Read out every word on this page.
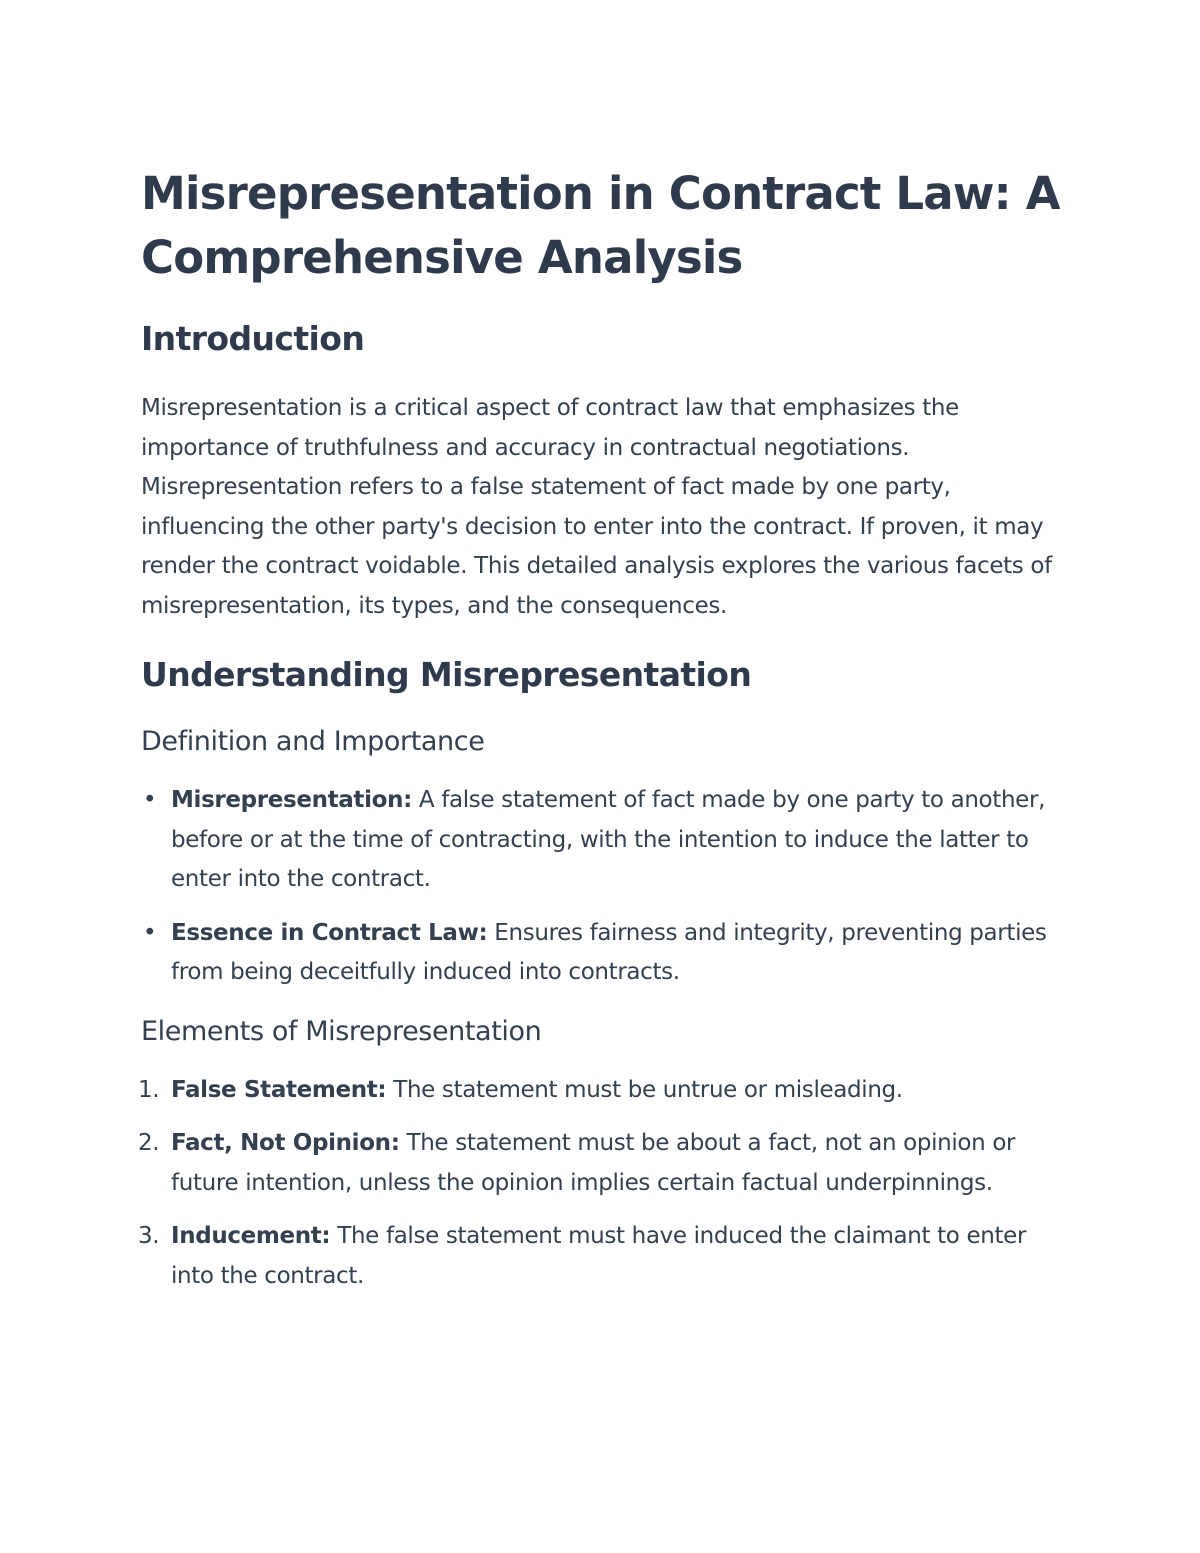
Misrepresentation in Contract Law: A Comprehensive Analysis
Introduction

Misrepresentation is a critical aspect of contract law that emphasizes the importance of truthfulness and accuracy in contractual negotiations. Misrepresentation refers to a false statement of fact made by one party, influencing the other party's decision to enter into the contract. If proven, it may render the contract voidable. This detailed analysis explores the various facets of misrepresentation, its types, and the consequences.

Understanding Misrepresentation
Definition and Importance
• Misrepresentation: A false statement of fact made by one party to another, before or at the time of contracting, with the intention to induce the latter to enter into the contract.
• Essence in Contract Law: Ensures fairness and integrity, preventing parties from being deceitfully induced into contracts.
Elements of Misrepresentation
1. False Statement: The statement must be untrue or misleading.
2. Fact, Not Opinion: The statement must be about a fact, not an opinion or future intention, unless the opinion implies certain factual underpinnings.
3. Inducement: The false statement must have induced the claimant to enter into the contract.
